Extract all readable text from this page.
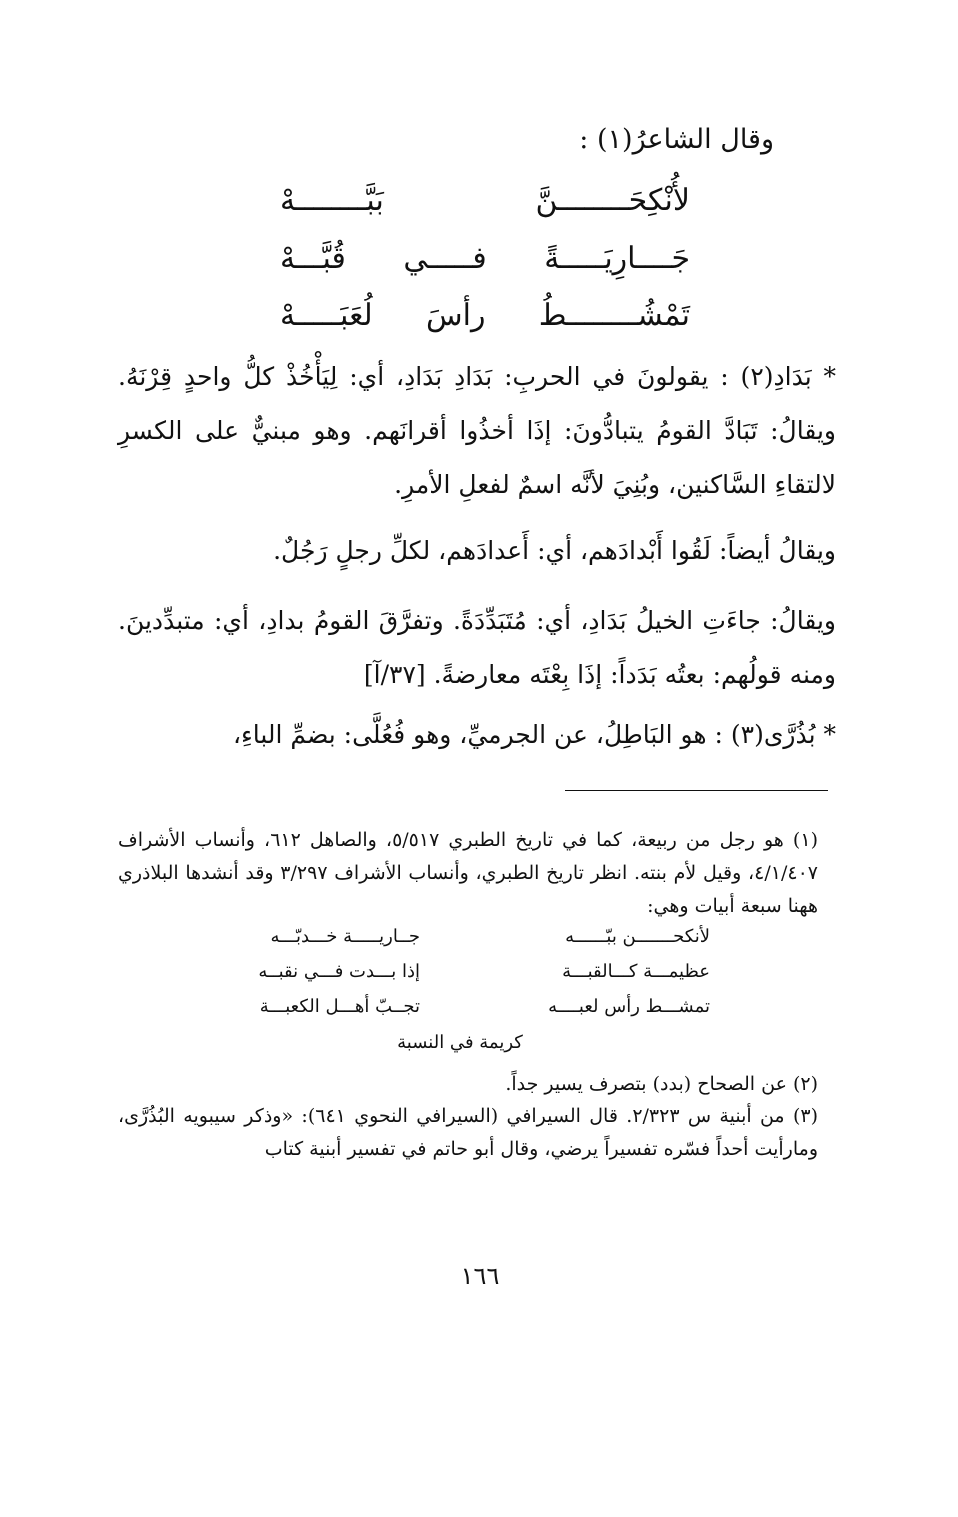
وقال الشاعرُ(١) :
لأُنْكِحَــــــــنَّ بَبَّــــــــهْ
جَــــارِيَـــــةً فـــــي قُبَّـــهْ
تَمْشُــــــــطُ رأسَ لُعَبَـــــهْ
* بَدَادِ(٢) : يقولونَ في الحربِ: بَدَادِ بَدَادِ، أي: لِيَأْخُذْ كلُّ واحدٍ قِرْنَهُ. ويقالُ: تَبَادَّ القومُ يتبادُّونَ: إذَا أخذُوا أقرانَهم. وهو مبنيٌّ على الكسرِ لالتقاءِ السَّاكنين، وبُنِيَ لأنَّه اسمٌ لفعلِ الأمرِ.
ويقالُ أيضاً: لَقُوا أَبْدادَهم، أي: أَعدادَهم، لكلِّ رجلٍ رَجُلٌ.
ويقالُ: جاءَتِ الخيلُ بَدَادِ، أي: مُتَبَدِّدَةً. وتفرَّقَ القومُ بدادِ، أي: متبدِّدينَ. ومنه قولُهم: بعتُه بَدَداً: إذَا بِعْتَه معارضةً. [٣٧/آ]
* بُذُرَّى(٣) : هو البَاطِلُ، عن الجرميِّ، وهو فُعُلَّى: بضمِّ الباءِ،
(١) هو رجل من ربيعة، كما في تاريخ الطبري ٥/٥١٧، والصاهل ٦١٢، وأنساب الأشراف ٤/١/٤٠٧، وقيل لأم بنته. انظر تاريخ الطبري، وأنساب الأشراف ٣/٢٩٧ وقد أنشدها البلاذري ههنا سبعة أبيات وهي:
لأنكحـــــــن ببّــــــه
جــاريـــــة خـــدبّـــه
عظيمـــة كـــالقبـــة
إذا بـــدت فـــي نقبــه
تمشـــط رأس لعبــــه
تجــبّ أهـــل الكعبـــة
كريمة في النسبة
(٢) عن الصحاح (بدد) بتصرف يسير جداً.
(٣) من أبنية س ٢/٣٢٣. قال السيرافي (السيرافي النحوي ٦٤١): «وذكر سيبويه البُذُرَّى، ومارأيت أحداً فسّره تفسيراً يرضي، وقال أبو حاتم في تفسير أبنية كتاب
١٦٦
